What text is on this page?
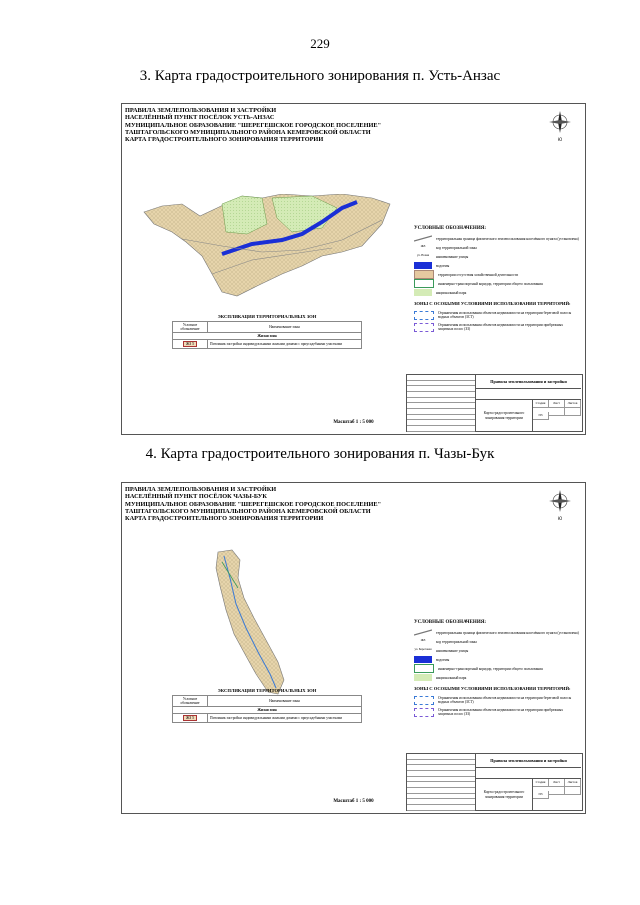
229
3. Карта градостроительного зонирования п. Усть-Анзас
ПРАВИЛА ЗЕМЛЕПОЛЬЗОВАНИЯ И ЗАСТРОЙКИ
НАСЕЛЁННЫЙ ПУНКТ ПОСЁЛОК УСТЬ-АНЗАС
МУНИЦИПАЛЬНОЕ ОБРАЗОВАНИЕ "ШЕРЕГЕШСКОЕ ГОРОДСКОЕ ПОСЕЛЕНИЕ"
ТАШТАГОЛЬСКОГО МУНИЦИПАЛЬНОГО РАЙОНА КЕМЕРОВСКОЙ ОБЛАСТИ
КАРТА ГРАДОСТРОИТЕЛЬНОГО ЗОНИРОВАНИЯ ТЕРРИТОРИИ	Ю
УСЛОВНЫЕ ОБОЗНАЧЕНИЯ:
территориальная граница фактического землепользования населённого пункта (установлена)
ЖЗ	код территориальной зоны
ул. Новая	наименование улицы
водоемы
территории отсутствия хозяйственной деятельности
инженерно-транспортный коридор, территории общего пользования
национальный парк
ЗОНЫ С ОСОБЫМИ УСЛОВИЯМИ ИСПОЛЬЗОВАНИЯ ТЕРРИТОРИЙ:
Ограничения использования объектов недвижимости на территории береговой полосы водных объектов (ЗСТ)
Ограничения использования объектов недвижимости на территории прибрежных защитных полос (ЗЗ)
ЭКСПЛИКАЦИЯ ТЕРРИТОРИАЛЬНЫХ ЗОН
Условное обозначение	Наименование зоны
Жилая зона	
ЖЗ 5	Питомник застройки индивидуальными жилыми домами с приусадебными участками
Масштаб 1 : 5 000
Правила землепользования и застройки
Карта градостроительного зонирования территории
Стадия Лист Листов ПЗ
4. Карта градостроительного зонирования п. Чазы-Бук
ПРАВИЛА ЗЕМЛЕПОЛЬЗОВАНИЯ И ЗАСТРОЙКИ
НАСЕЛЁННЫЙ ПУНКТ ПОСЁЛОК ЧАЗЫ-БУК
МУНИЦИПАЛЬНОЕ ОБРАЗОВАНИЕ "ШЕРЕГЕШСКОЕ ГОРОДСКОЕ ПОСЕЛЕНИЕ"
ТАШТАГОЛЬСКОГО МУНИЦИПАЛЬНОГО РАЙОНА КЕМЕРОВСКОЙ ОБЛАСТИ
КАРТА ГРАДОСТРОИТЕЛЬНОГО ЗОНИРОВАНИЯ ТЕРРИТОРИИ	Ю
УСЛОВНЫЕ ОБОЗНАЧЕНИЯ:
территориальная граница фактического землепользования населённого пункта (установлена)
ЖЗ	код территориальной зоны
ул. Береговая наименование улицы
водоемы
инженерно-транспортный коридор, территории общего пользования
национальный парк
ЗОНЫ С ОСОБЫМИ УСЛОВИЯМИ ИСПОЛЬЗОВАНИЯ ТЕРРИТОРИЙ:
Ограничения использования объектов недвижимости на территории береговой полосы водных объектов (ЗСТ)
Ограничения использования объектов недвижимости на территории прибрежных защитных полос (ЗЗ)
ЭКСПЛИКАЦИЯ ТЕРРИТОРИАЛЬНЫХ ЗОН
Условное обозначение	Наименование зоны
Жилая зона	
ЖЗ 5	Питомник застройки индивидуальными жилыми домами с приусадебными участками
Масштаб 1 : 5 000
Правила землепользования и застройки
Карта градостроительного зонирования территории
Стадия Лист Листов ПЗ
